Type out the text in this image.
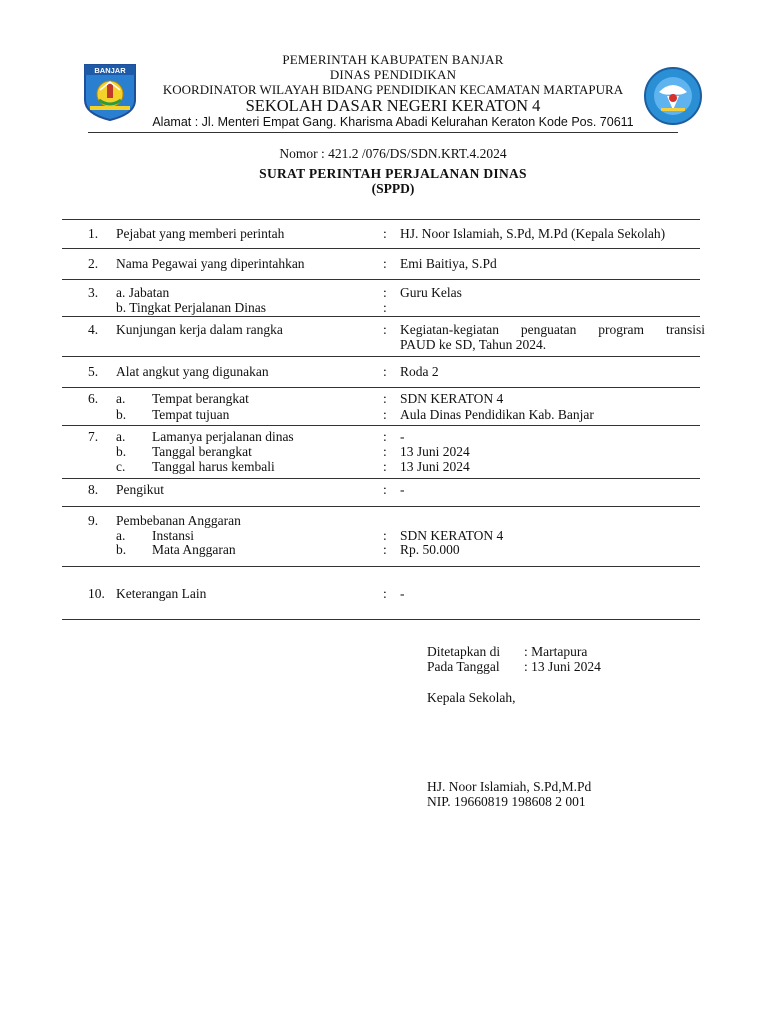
BANJAR
PEMERINTAH KABUPATEN BANJAR
DINAS PENDIDIKAN
KOORDINATOR WILAYAH BIDANG PENDIDIKAN KECAMATAN MARTAPURA
SEKOLAH DASAR NEGERI KERATON 4
Alamat : Jl. Menteri Empat Gang. Kharisma Abadi Kelurahan Keraton Kode Pos. 70611
Nomor : 421.2 /076/DS/SDN.KRT.4.2024
SURAT PERINTAH PERJALANAN DINAS
(SPPD)
1. Pejabat yang memberi perintah	: HJ. Noor Islamiah, S.Pd, M.Pd (Kepala Sekolah)
2. Nama Pegawai yang diperintahkan	: Emi Baitiya, S.Pd
3. a. Jabatan	: Guru Kelas
b. Tingkat Perjalanan Dinas	:
4. Kunjungan kerja dalam rangka	: Kegiatan-kegiatan penguatan program transisi
PAUD ke SD, Tahun 2024.
5. Alat angkut yang digunakan	: Roda 2
6. a. Tempat berangkat	: SDN KERATON 4
b. Tempat tujuan	: Aula Dinas Pendidikan Kab. Banjar
7. a. Lamanya perjalanan dinas	: -
b. Tanggal berangkat	: 13 Juni 2024
c. Tanggal harus kembali	: 13 Juni 2024
8. Pengikut	: -
9. Pembebanan Anggaran
a. Instansi	: SDN KERATON 4
b. Mata Anggaran	: Rp. 50.000
10. Keterangan Lain	: -
Ditetapkan di : Martapura
Pada Tanggal : 13 Juni 2024
Kepala Sekolah,
HJ. Noor Islamiah, S.Pd,M.Pd
NIP. 19660819 198608 2 001
